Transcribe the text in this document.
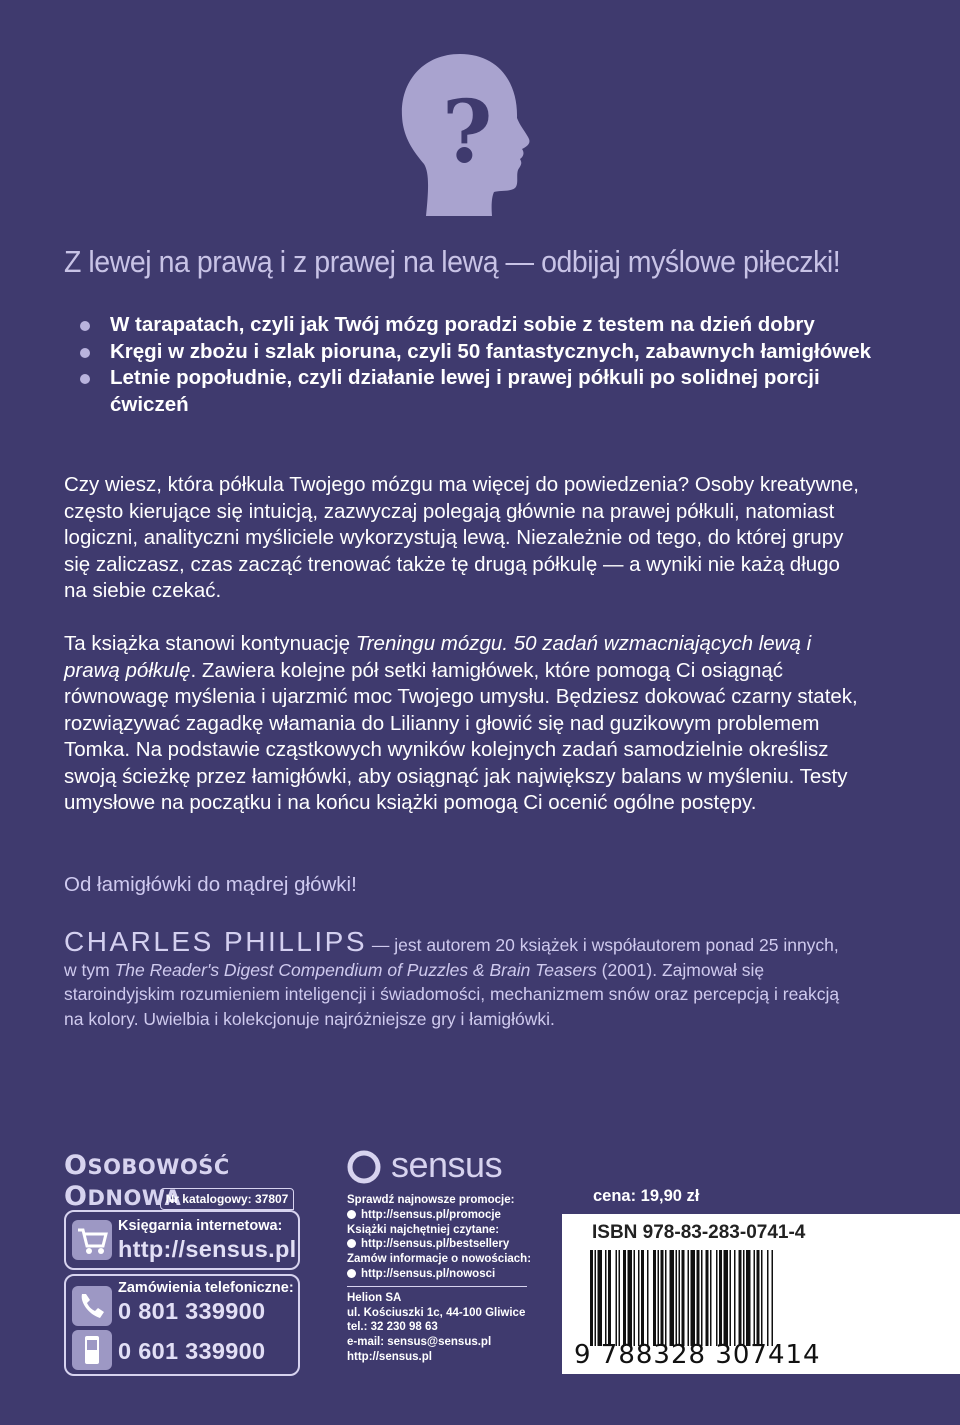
?
Z lewej na prawą i z prawej na lewą — odbijaj myślowe piłeczki!
W tarapatach, czyli jak Twój mózg poradzi sobie z testem na dzień dobry
Kręgi w zbożu i szlak pioruna, czyli 50 fantastycznych, zabawnych łamigłówek
Letnie popołudnie, czyli działanie lewej i prawej półkuli po solidnej porcji ćwiczeń

Czy wiesz, która półkula Twojego mózgu ma więcej do powiedzenia? Osoby kreatywne, często kierujące się intuicją, zazwyczaj polegają głównie na prawej półkuli, natomiast logiczni, analityczni myśliciele wykorzystują lewą. Niezależnie od tego, do której grupy się zaliczasz, czas zacząć trenować także tę drugą półkulę — a wyniki nie każą długo na siebie czekać.

Ta książka stanowi kontynuację Treningu mózgu. 50 zadań wzmacniających lewą i prawą półkulę. Zawiera kolejne pół setki łamigłówek, które pomogą Ci osiągnąć równowagę myślenia i ujarzmić moc Twojego umysłu. Będziesz dokować czarny statek, rozwiązywać zagadkę włamania do Lilianny i głowić się nad guzikowym problemem Tomka. Na podstawie cząstkowych wyników kolejnych zadań samodzielnie określisz swoją ścieżkę przez łamigłówki, aby osiągnąć jak największy balans w myśleniu. Testy umysłowe na początku i na końcu książki pomogą Ci ocenić ogólne postępy.

Od łamigłówki do mądrej główki!

CHARLES PHILLIPS — jest autorem 20 książek i współautorem ponad 25 innych, w tym The Reader's Digest Compendium of Puzzles & Brain Teasers (2001). Zajmował się staroindyjskim rozumieniem inteligencji i świadomości, mechanizmem snów oraz percepcją i reakcją na kolory. Uwielbia i kolekcjonuje najróżniejsze gry i łamigłówki.

OSOBOWOŚĆ ODNOWA
Nr katalogowy: 37807
Księgarnia internetowa:
http://sensus.pl
Zamówienia telefoniczne:
0 801 339900
0 601 339900
sensus
Sprawdź najnowsze promocje:
http://sensus.pl/promocje
Książki najchętniej czytane:
http://sensus.pl/bestsellery
Zamów informacje o nowościach:
http://sensus.pl/nowosci
Helion SA
ul. Kościuszki 1c, 44-100 Gliwice
tel.: 32 230 98 63
e-mail: sensus@sensus.pl
http://sensus.pl
cena: 19,90 zł
ISBN 978-83-283-0741-4
9 788328 307414
